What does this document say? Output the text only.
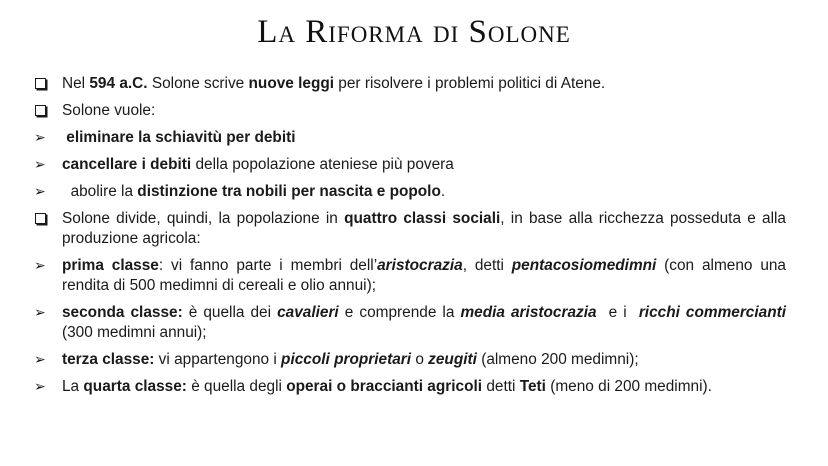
La Riforma di Solone
Nel 594 a.C. Solone scrive nuove leggi per risolvere i problemi politici di Atene.
Solone vuole:
➢	eliminare la schiavitù per debiti
➢	cancellare i debiti della popolazione ateniese più povera
➢	abolire la distinzione tra nobili per nascita e popolo.
Solone divide, quindi, la popolazione in quattro classi sociali, in base alla ricchezza posseduta e alla produzione agricola:
➢	prima classe: vi fanno parte i membri dell’aristocrazia, detti pentacosiomedimni (con almeno una rendita di 500 medimni di cereali e olio annui);
➢	seconda classe: è quella dei cavalieri e comprende la media aristocrazia  e i  ricchi commercianti (300 medimni annui);
➢	terza classe: vi appartengono i piccoli proprietari o zeugiti (almeno 200 medimni);
➢	La quarta classe: è quella degli operai o braccianti agricoli detti Teti (meno di 200 medimni).
